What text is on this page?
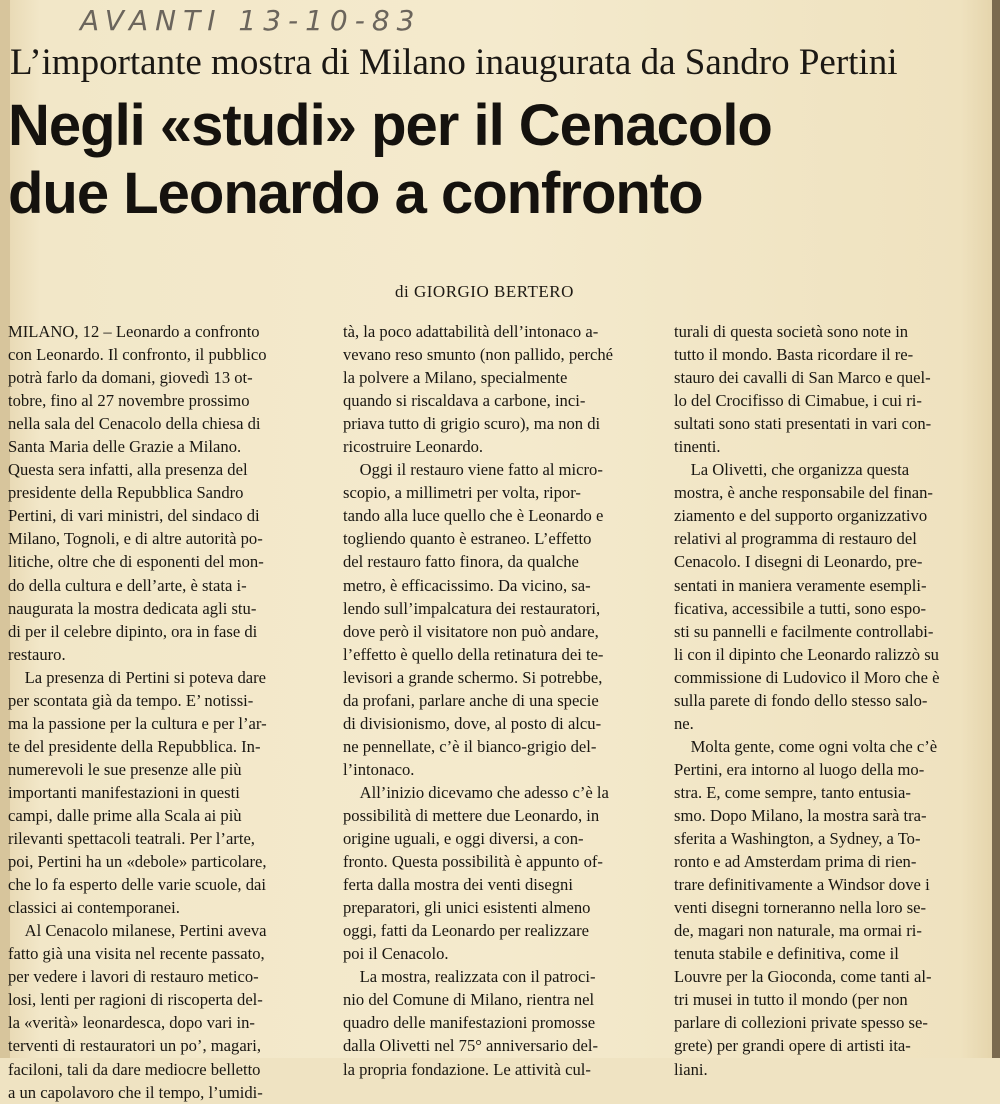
AVANTI 13-10-83
L’importante mostra di Milano inaugurata da Sandro Pertini
Negli «studi» per il Cenacolo
due Leonardo a confronto
di GIORGIO BERTERO
MILANO, 12 – Leonardo a confronto
con Leonardo. Il confronto, il pubblico
potrà farlo da domani, giovedì 13 ot-
tobre, fino al 27 novembre prossimo
nella sala del Cenacolo della chiesa di
Santa Maria delle Grazie a Milano.
Questa sera infatti, alla presenza del
presidente della Repubblica Sandro
Pertini, di vari ministri, del sindaco di
Milano, Tognoli, e di altre autorità po-
litiche, oltre che di esponenti del mon-
do della cultura e dell’arte, è stata i-
naugurata la mostra dedicata agli stu-
di per il celebre dipinto, ora in fase di
restauro.
 La presenza di Pertini si poteva dare
per scontata già da tempo. E’ notissi-
ma la passione per la cultura e per l’ar-
te del presidente della Repubblica. In-
numerevoli le sue presenze alle più
importanti manifestazioni in questi
campi, dalle prime alla Scala ai più
rilevanti spettacoli teatrali. Per l’arte,
poi, Pertini ha un «debole» particolare,
che lo fa esperto delle varie scuole, dai
classici ai contemporanei.
 Al Cenacolo milanese, Pertini aveva
fatto già una visita nel recente passato,
per vedere i lavori di restauro metico-
losi, lenti per ragioni di riscoperta del-
la «verità» leonardesca, dopo vari in-
terventi di restauratori un po’, magari,
faciloni, tali da dare mediocre belletto
a un capolavoro che il tempo, l’umidi-
tà, la poco adattabilità dell’intonaco a-
vevano reso smunto (non pallido, perché
la polvere a Milano, specialmente
quando si riscaldava a carbone, inci-
priava tutto di grigio scuro), ma non di
ricostruire Leonardo.
 Oggi il restauro viene fatto al micro-
scopio, a millimetri per volta, ripor-
tando alla luce quello che è Leonardo e
togliendo quanto è estraneo. L’effetto
del restauro fatto finora, da qualche
metro, è efficacissimo. Da vicino, sa-
lendo sull’impalcatura dei restauratori,
dove però il visitatore non può andare,
l’effetto è quello della retinatura dei te-
levisori a grande schermo. Si potrebbe,
da profani, parlare anche di una specie
di divisionismo, dove, al posto di alcu-
ne pennellate, c’è il bianco-grigio del-
l’intonaco.
 All’inizio dicevamo che adesso c’è la
possibilità di mettere due Leonardo, in
origine uguali, e oggi diversi, a con-
fronto. Questa possibilità è appunto of-
ferta dalla mostra dei venti disegni
preparatori, gli unici esistenti almeno
oggi, fatti da Leonardo per realizzare
poi il Cenacolo.
 La mostra, realizzata con il patroci-
nio del Comune di Milano, rientra nel
quadro delle manifestazioni promosse
dalla Olivetti nel 75° anniversario del-
la propria fondazione. Le attività cul-
turali di questa società sono note in
tutto il mondo. Basta ricordare il re-
stauro dei cavalli di San Marco e quel-
lo del Crocifisso di Cimabue, i cui ri-
sultati sono stati presentati in vari con-
tinenti.
 La Olivetti, che organizza questa
mostra, è anche responsabile del finan-
ziamento e del supporto organizzativo
relativi al programma di restauro del
Cenacolo. I disegni di Leonardo, pre-
sentati in maniera veramente esempli-
ficativa, accessibile a tutti, sono espo-
sti su pannelli e facilmente controllabi-
li con il dipinto che Leonardo ralizzò su
commissione di Ludovico il Moro che è
sulla parete di fondo dello stesso salo-
ne.
 Molta gente, come ogni volta che c’è
Pertini, era intorno al luogo della mo-
stra. E, come sempre, tanto entusia-
smo. Dopo Milano, la mostra sarà tra-
sferita a Washington, a Sydney, a To-
ronto e ad Amsterdam prima di rien-
trare definitivamente a Windsor dove i
venti disegni torneranno nella loro se-
de, magari non naturale, ma ormai ri-
tenuta stabile e definitiva, come il
Louvre per la Gioconda, come tanti al-
tri musei in tutto il mondo (per non
parlare di collezioni private spesso se-
grete) per grandi opere di artisti ita-
liani.
